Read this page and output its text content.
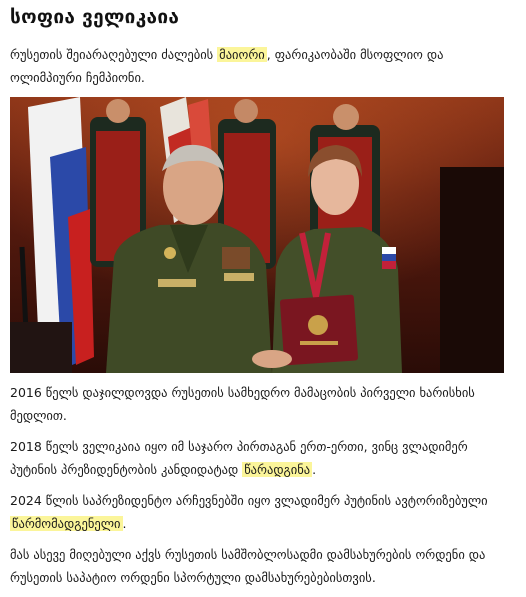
სოფია ველიკაია

რუსეთის შეიარაღებული ძალების მაიორი , ფარიკაობაში მსოფლიო და ოლიმპიური ჩემპიონი.

2016 წელს დაჯილდოვდა რუსეთის სამხედრო მამაცობის პირველი ხარისხის მედლით.

2018 წელს ველიკაია იყო იმ საჯარო პირთაგან ერთ-ერთი, ვინც ვლადიმერ პუტინის პრეზიდენტობის კანდიდატად წარადგინა .

2024 წლის საპრეზიდენტო არჩევნებში იყო ვლადიმერ პუტინის ავტორიზებული წარმომადგენელი .

მას ასევე მიღებული აქვს რუსეთის სამშობლოსადმი დამსახურების ორდენი და რუსეთის საპატიო ორდენი სპორტული დამსახურებებისთვის.
